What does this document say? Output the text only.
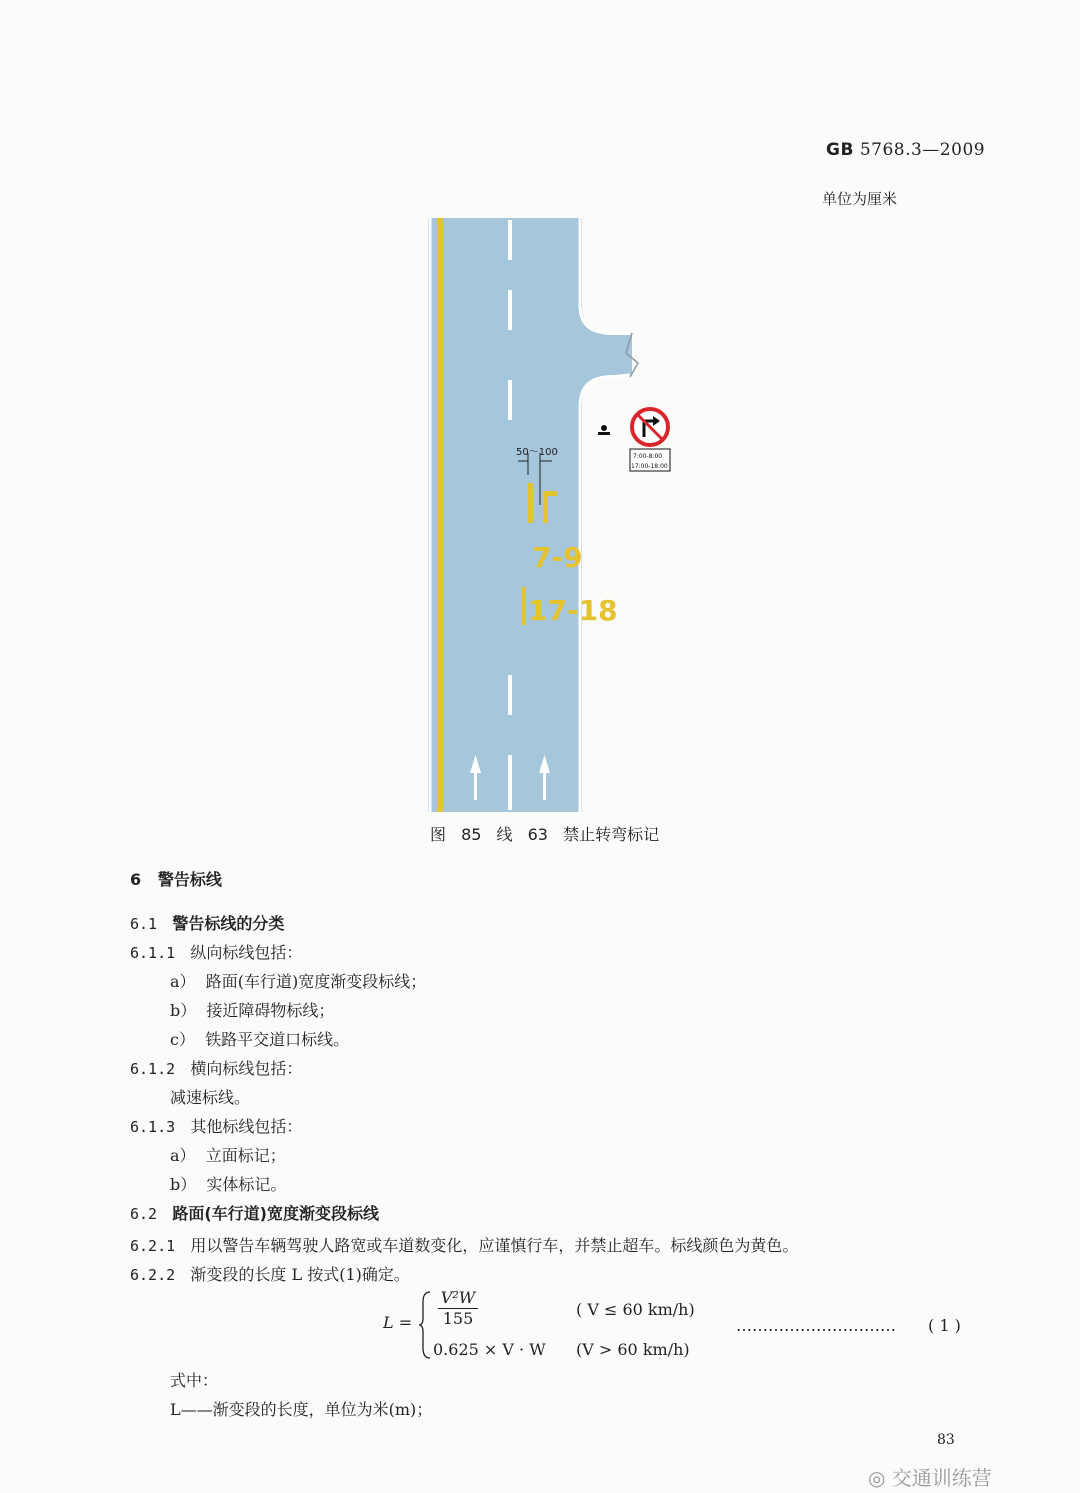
GB 5768.3—2009
单位为厘米
50～100
7-9
17-18
7:00-8:00
17:00-18:00
图 85 线 63 禁止转弯标记
6 警告标线
6.1 警告标线的分类
6.1.1 纵向标线包括：
a） 路面(车行道)宽度渐变段标线；
b） 接近障碍物标线；
c） 铁路平交道口标线。
6.1.2 横向标线包括：
减速标线。
6.1.3 其他标线包括：
a） 立面标记；
b） 实体标记。
6.2 路面(车行道)宽度渐变段标线
6.2.1 用以警告车辆驾驶人路宽或车道数变化，应谨慎行车，并禁止超车。标线颜色为黄色。
6.2.2 渐变段的长度 L 按式(1)确定。
$L = \frac{\text{V²W}}{155}$	( V ≤ 60 km/h)
0.625 × V · W (V > 60 km/h)
………………………… ( 1 )
式中：
L——渐变段的长度，单位为米(m)；
83
◎ 交通训练营
